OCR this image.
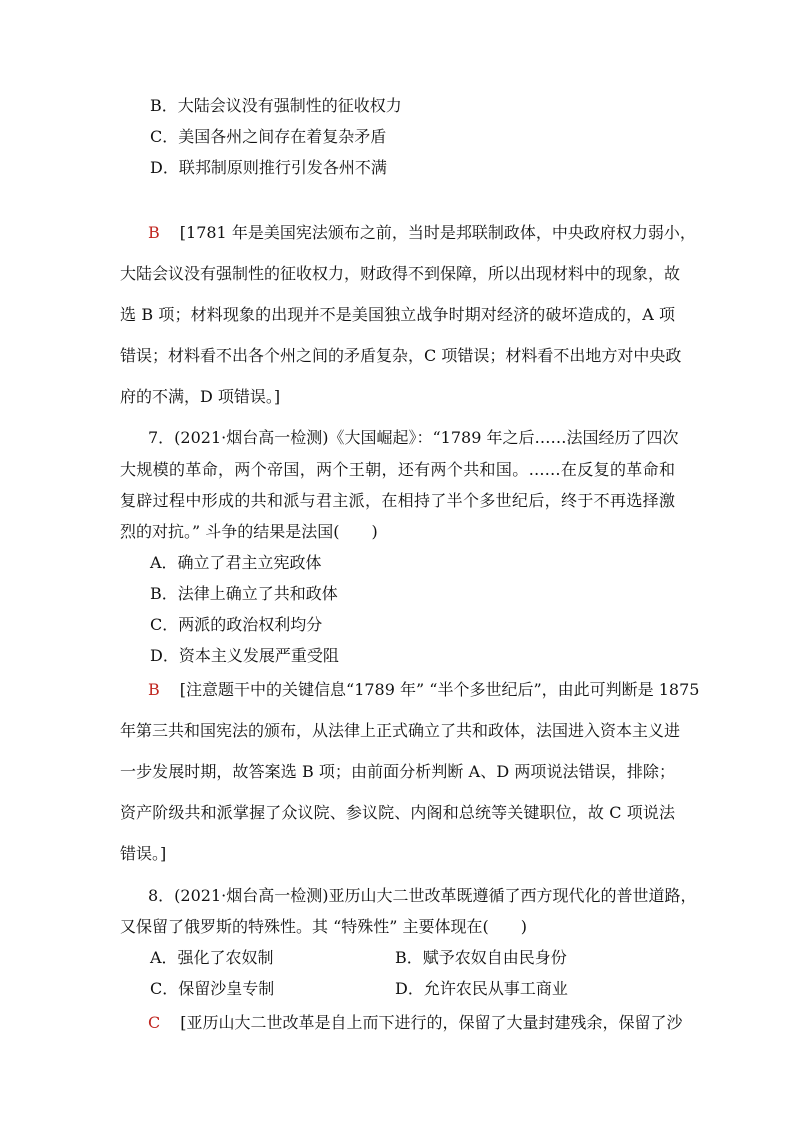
B．大陆会议没有强制性的征收权力
C．美国各州之间存在着复杂矛盾
D．联邦制原则推行引发各州不满
B [1781 年是美国宪法颁布之前，当时是邦联制政体，中央政府权力弱小，
大陆会议没有强制性的征收权力，财政得不到保障，所以出现材料中的现象，故
选 B 项；材料现象的出现并不是美国独立战争时期对经济的破坏造成的，A 项
错误；材料看不出各个州之间的矛盾复杂，C 项错误；材料看不出地方对中央政
府的不满，D 项错误。]
7．(2021·烟台高一检测)《大国崛起》：“1789 年之后……法国经历了四次
大规模的革命，两个帝国，两个王朝，还有两个共和国。……在反复的革命和
复辟过程中形成的共和派与君主派，在相持了半个多世纪后，终于不再选择激
烈的对抗。” 斗争的结果是法国(　　)
A．确立了君主立宪政体
B．法律上确立了共和政体
C．两派的政治权利均分
D．资本主义发展严重受阻
B [注意题干中的关键信息“1789 年” “半个多世纪后”，由此可判断是 1875
年第三共和国宪法的颁布，从法律上正式确立了共和政体，法国进入资本主义进
一步发展时期，故答案选 B 项；由前面分析判断 A、D 两项说法错误，排除；
资产阶级共和派掌握了众议院、参议院、内阁和总统等关键职位，故 C 项说法
错误。]
8．(2021·烟台高一检测)亚历山大二世改革既遵循了西方现代化的普世道路，
又保留了俄罗斯的特殊性。其 “特殊性” 主要体现在(　　)
A．强化了农奴制	B．赋予农奴自由民身份
C．保留沙皇专制	D．允许农民从事工商业
C [亚历山大二世改革是自上而下进行的，保留了大量封建残余，保留了沙
